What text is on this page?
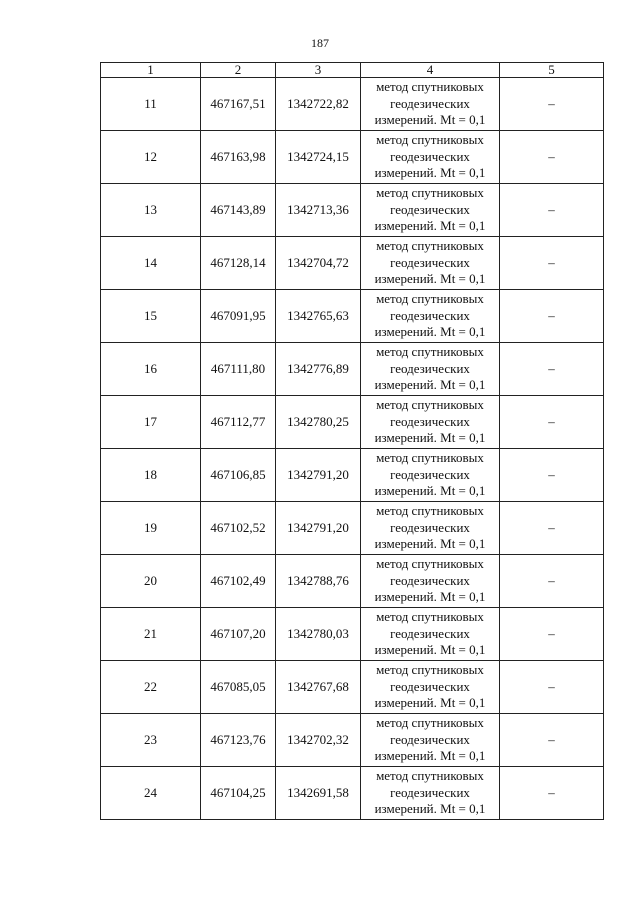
187
1	2	3	4	5
11	467167,51	1342722,82	метод спутниковых
геодезических
измерений. Mt = 0,1	–
12	467163,98	1342724,15	метод спутниковых
геодезических
измерений. Mt = 0,1	–
13	467143,89	1342713,36	метод спутниковых
геодезических
измерений. Mt = 0,1	–
14	467128,14	1342704,72	метод спутниковых
геодезических
измерений. Mt = 0,1	–
15	467091,95	1342765,63	метод спутниковых
геодезических
измерений. Mt = 0,1	–
16	467111,80	1342776,89	метод спутниковых
геодезических
измерений. Mt = 0,1	–
17	467112,77	1342780,25	метод спутниковых
геодезических
измерений. Mt = 0,1	–
18	467106,85	1342791,20	метод спутниковых
геодезических
измерений. Mt = 0,1	–
19	467102,52	1342791,20	метод спутниковых
геодезических
измерений. Mt = 0,1	–
20	467102,49	1342788,76	метод спутниковых
геодезических
измерений. Mt = 0,1	–
21	467107,20	1342780,03	метод спутниковых
геодезических
измерений. Mt = 0,1	–
22	467085,05	1342767,68	метод спутниковых
геодезических
измерений. Mt = 0,1	–
23	467123,76	1342702,32	метод спутниковых
геодезических
измерений. Mt = 0,1	–
24	467104,25	1342691,58	метод спутниковых
геодезических
измерений. Mt = 0,1	–
